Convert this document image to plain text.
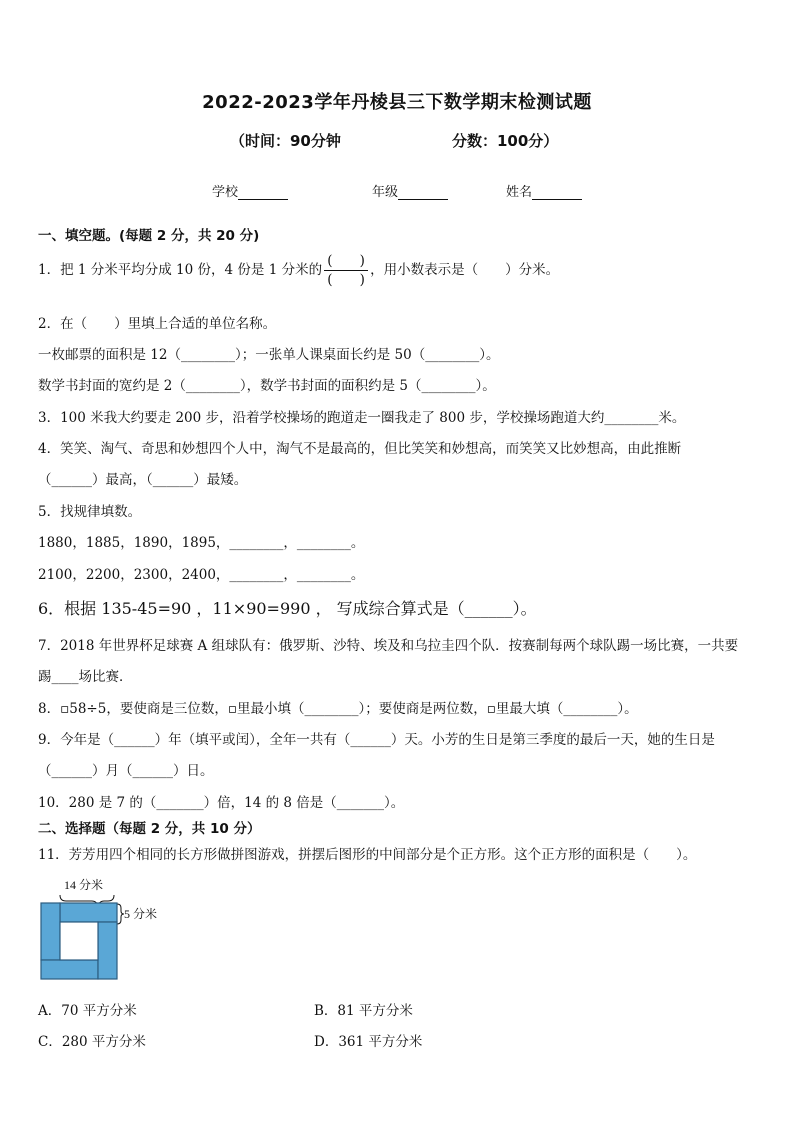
2022-2023学年丹棱县三下数学期末检测试题
（时间：90分钟	分数：100分）
学校	年级	姓名
一、填空题。(每题 2 分，共 20 分)
1．把 1 分米平均分成 10 份，4 份是 1 分米的 $\frac{( )}{( )}$ ，用小数表示是（　　）分米。
2．在（　　）里填上合适的单位名称。
一枚邮票的面积是 12（________）；一张单人课桌面长约是 50（________）。
数学书封面的宽约是 2（________），数学书封面的面积约是 5（________）。
3．100 米我大约要走 200 步，沿着学校操场的跑道走一圈我走了 800 步，学校操场跑道大约________米。
4．笑笑、淘气、奇思和妙想四个人中，淘气不是最高的，但比笑笑和妙想高，而笑笑又比妙想高，由此推断
（______）最高，（______）最矮。
5．找规律填数。
1880，1885，1890，1895，________，________。
2100，2200，2300，2400，________，________。
6．根据 135-45=90 ，11×90=990 ， 写成综合算式是（______）。
7．2018 年世界杯足球赛 A 组球队有：俄罗斯、沙特、埃及和乌拉圭四个队．按赛制每两个球队踢一场比赛，一共要
踢____场比赛．
8．▫58÷5，要使商是三位数，▫里最小填（________）；要使商是两位数，▫里最大填（________）。
9．今年是（______）年（填平或闰），全年一共有（______）天。小芳的生日是第三季度的最后一天，她的生日是
（______）月（______）日。
10．280 是 7 的（_______）倍，14 的 8 倍是（_______）。
二、选择题（每题 2 分，共 10 分）
11．芳芳用四个相同的长方形做拼图游戏，拼摆后图形的中间部分是个正方形。这个正方形的面积是（　　）。
14 分米
5 分米
A．70 平方分米	B．81 平方分米
C．280 平方分米	D．361 平方分米
